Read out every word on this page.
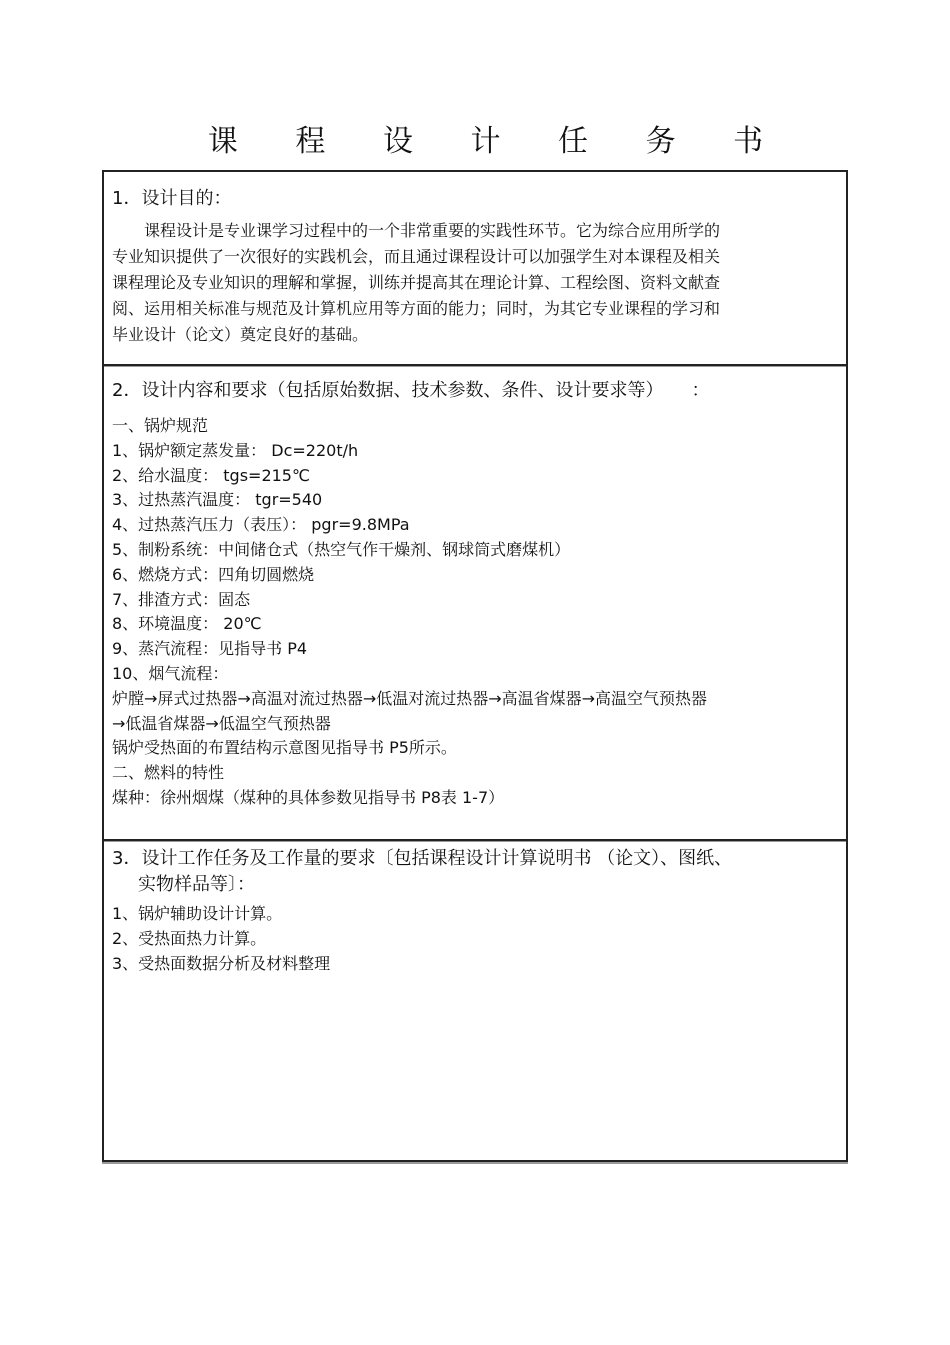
课 程 设 计 任 务 书
1．设计目的：
课程设计是专业课学习过程中的一个非常重要的实践性环节。它为综合应用所学的
专业知识提供了一次很好的实践机会，而且通过课程设计可以加强学生对本课程及相关
课程理论及专业知识的理解和掌握，训练并提高其在理论计算、工程绘图、资料文献查
阅、运用相关标准与规范及计算机应用等方面的能力；同时，为其它专业课程的学习和
毕业设计（论文）奠定良好的基础。
2．设计内容和要求（包括原始数据、技术参数、条件、设计要求等） ：
一、锅炉规范
1、锅炉额定蒸发量： Dc=220t/h
2、给水温度： tgs=215℃
3、过热蒸汽温度： tgr=540
4、过热蒸汽压力（表压）： pgr=9.8MPa
5、制粉系统：中间储仓式（热空气作干燥剂、钢球筒式磨煤机）
6、燃烧方式：四角切圆燃烧
7、排渣方式：固态
8、环境温度： 20℃
9、蒸汽流程：见指导书 P4
10、烟气流程：
炉膛→屏式过热器→高温对流过热器→低温对流过热器→高温省煤器→高温空气预热器
→低温省煤器→低温空气预热器
锅炉受热面的布置结构示意图见指导书 P5所示。
二、燃料的特性
煤种：徐州烟煤（煤种的具体参数见指导书 P8表 1-7）
3．设计工作任务及工作量的要求〔包括课程设计计算说明书 （论文）、图纸、
实物样品等〕：
1、锅炉辅助设计计算。
2、受热面热力计算。
3、受热面数据分析及材料整理
